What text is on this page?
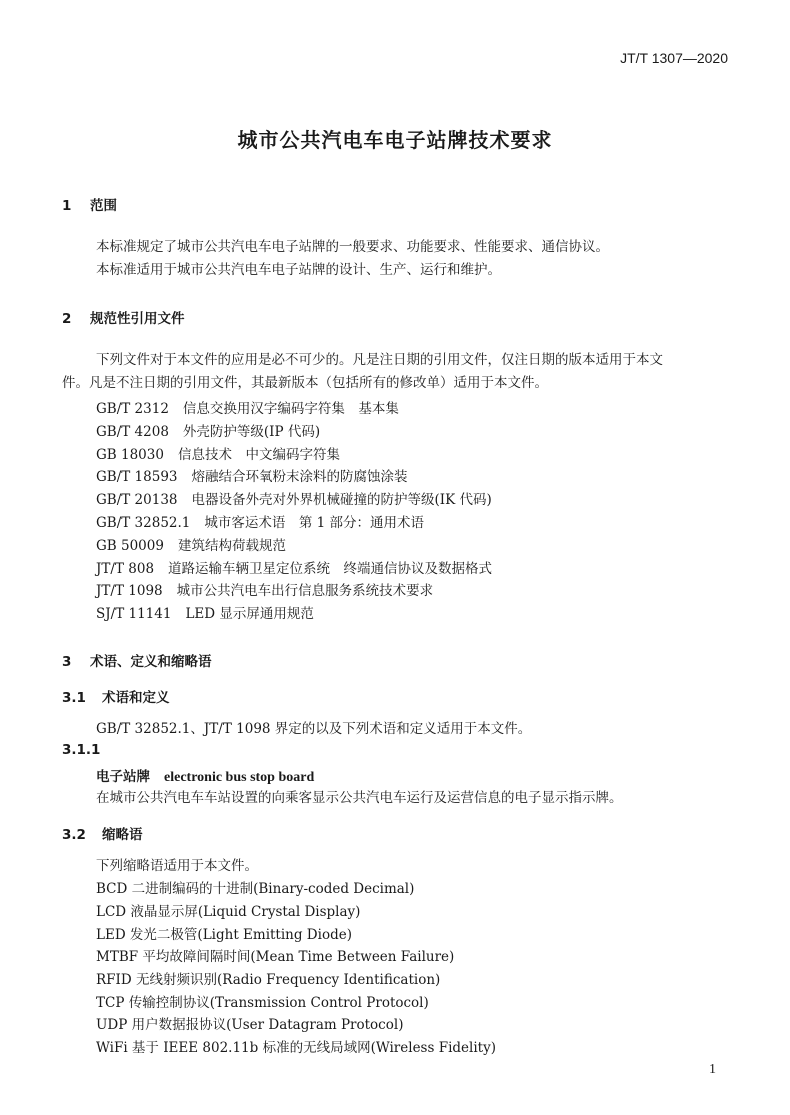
JT/T 1307—2020
城市公共汽电车电子站牌技术要求
1 范围
本标准规定了城市公共汽电车电子站牌的一般要求、功能要求、性能要求、通信协议。
本标准适用于城市公共汽电车电子站牌的设计、生产、运行和维护。
2 规范性引用文件
下列文件对于本文件的应用是必不可少的。凡是注日期的引用文件，仅注日期的版本适用于本文
件。凡是不注日期的引用文件，其最新版本（包括所有的修改单）适用于本文件。
GB/T 2312 信息交换用汉字编码字符集　基本集
GB/T 4208 外壳防护等级(IP 代码)
GB 18030 信息技术　中文编码字符集
GB/T 18593 熔融结合环氧粉末涂料的防腐蚀涂装
GB/T 20138 电器设备外壳对外界机械碰撞的防护等级(IK 代码)
GB/T 32852.1 城市客运术语　第 1 部分：通用术语
GB 50009 建筑结构荷载规范
JT/T 808 道路运输车辆卫星定位系统　终端通信协议及数据格式
JT/T 1098 城市公共汽电车出行信息服务系统技术要求
SJ/T 11141 LED 显示屏通用规范
3 术语、定义和缩略语
3.1 术语和定义
GB/T 32852.1、JT/T 1098 界定的以及下列术语和定义适用于本文件。
3.1.1
电子站牌 electronic bus stop board
在城市公共汽电车车站设置的向乘客显示公共汽电车运行及运营信息的电子显示指示牌。
3.2 缩略语
下列缩略语适用于本文件。
BCD 二进制编码的十进制(Binary-coded Decimal)
LCD 液晶显示屏(Liquid Crystal Display)
LED 发光二极管(Light Emitting Diode)
MTBF 平均故障间隔时间(Mean Time Between Failure)
RFID 无线射频识别(Radio Frequency Identification)
TCP 传输控制协议(Transmission Control Protocol)
UDP 用户数据报协议(User Datagram Protocol)
WiFi 基于 IEEE 802.11b 标准的无线局域网(Wireless Fidelity)
1
